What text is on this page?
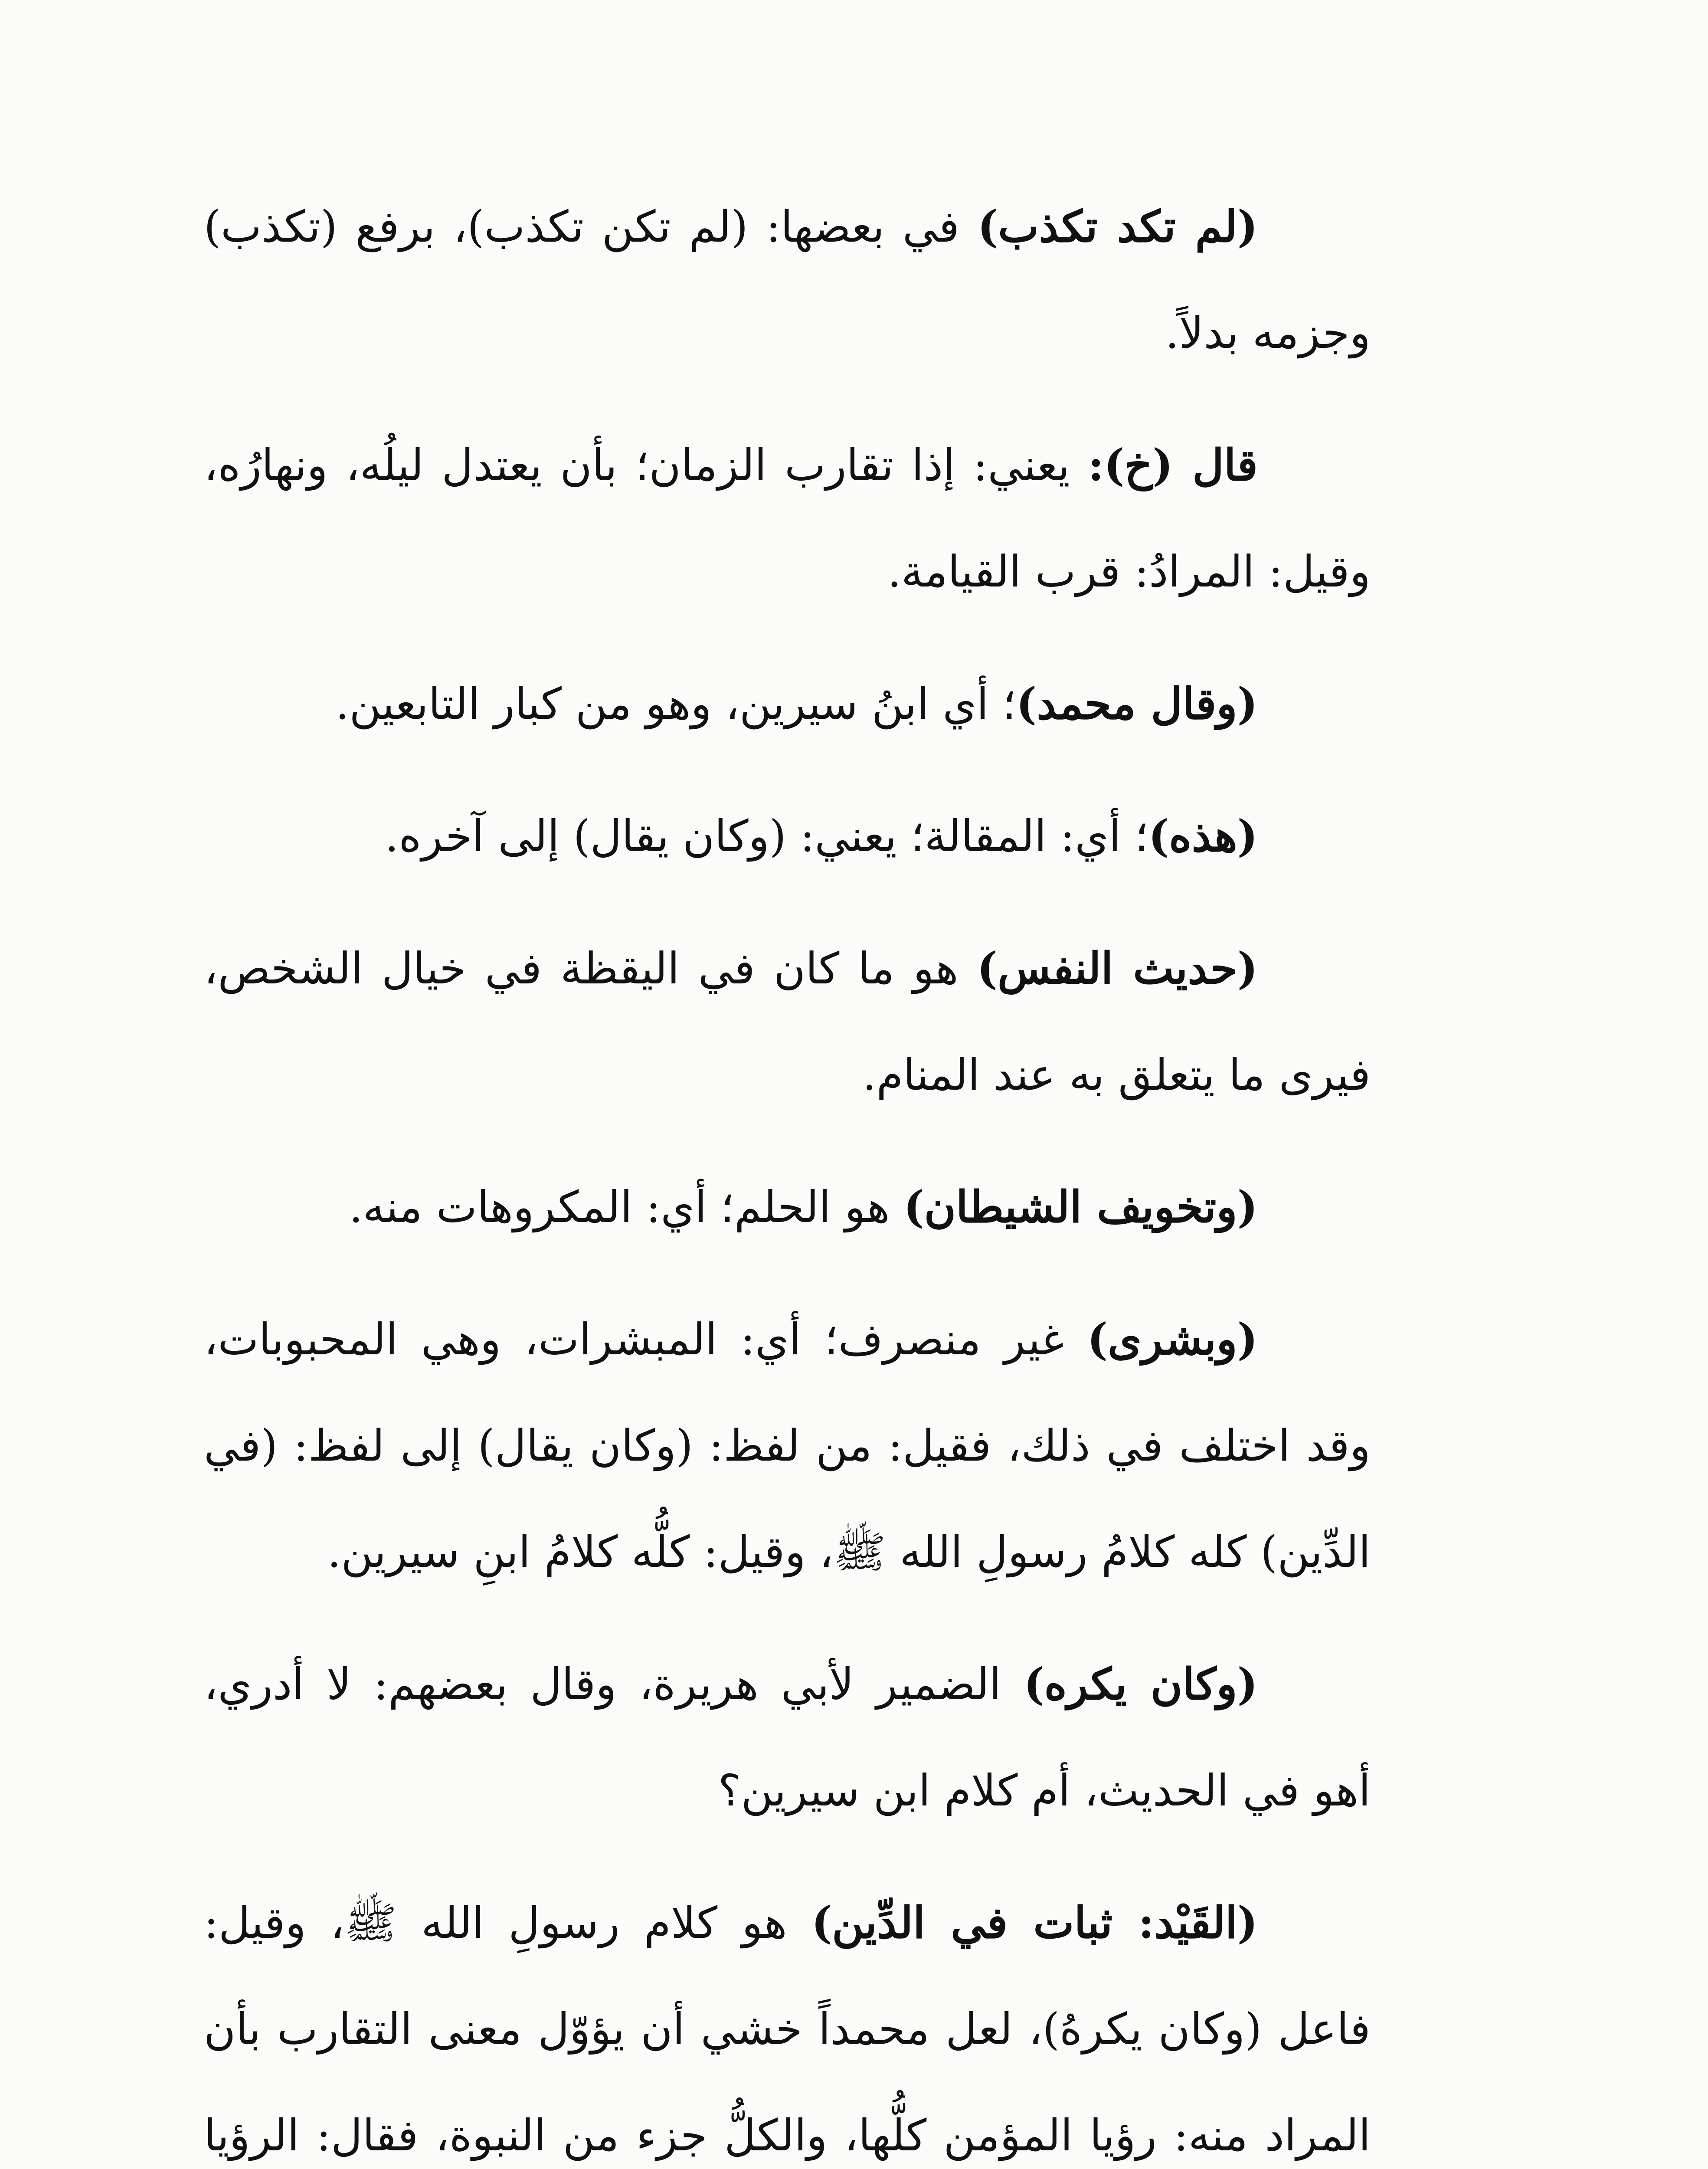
(لم تكد تكذب) في بعضها: (لم تكن تكذب)، برفع (تكذب) وجزمه بدلاً.

قال (خ): يعني: إذا تقارب الزمان؛ بأن يعتدل ليلُه، ونهارُه، وقيل: المرادُ: قرب القيامة.

(وقال محمد)؛ أي ابنُ سيرين، وهو من كبار التابعين.

(هذه)؛ أي: المقالة؛ يعني: (وكان يقال) إلى آخره.

(حديث النفس) هو ما كان في اليقظة في خيال الشخص، فيرى ما يتعلق به عند المنام.

(وتخويف الشيطان) هو الحلم؛ أي: المكروهات منه.

(وبشرى) غير منصرف؛ أي: المبشرات، وهي المحبوبات، وقد اختلف في ذلك، فقيل: من لفظ: (وكان يقال) إلى لفظ: (في الدِّين) كله كلامُ رسولِ الله ﷺ، وقيل: كلُّه كلامُ ابنِ سيرين.

(وكان يكره) الضمير لأبي هريرة، وقال بعضهم: لا أدري، أهو في الحديث، أم كلام ابن سيرين؟

(القَيْد: ثبات في الدِّين) هو كلام رسولِ الله ﷺ، وقيل: فاعل (وكان يكرهُ)، لعل محمداً خشي أن يؤوّل معنى التقارب بأن المراد منه: رؤيا المؤمن كلُّها، والكلُّ جزء من النبوة، فقال: الرؤيا
